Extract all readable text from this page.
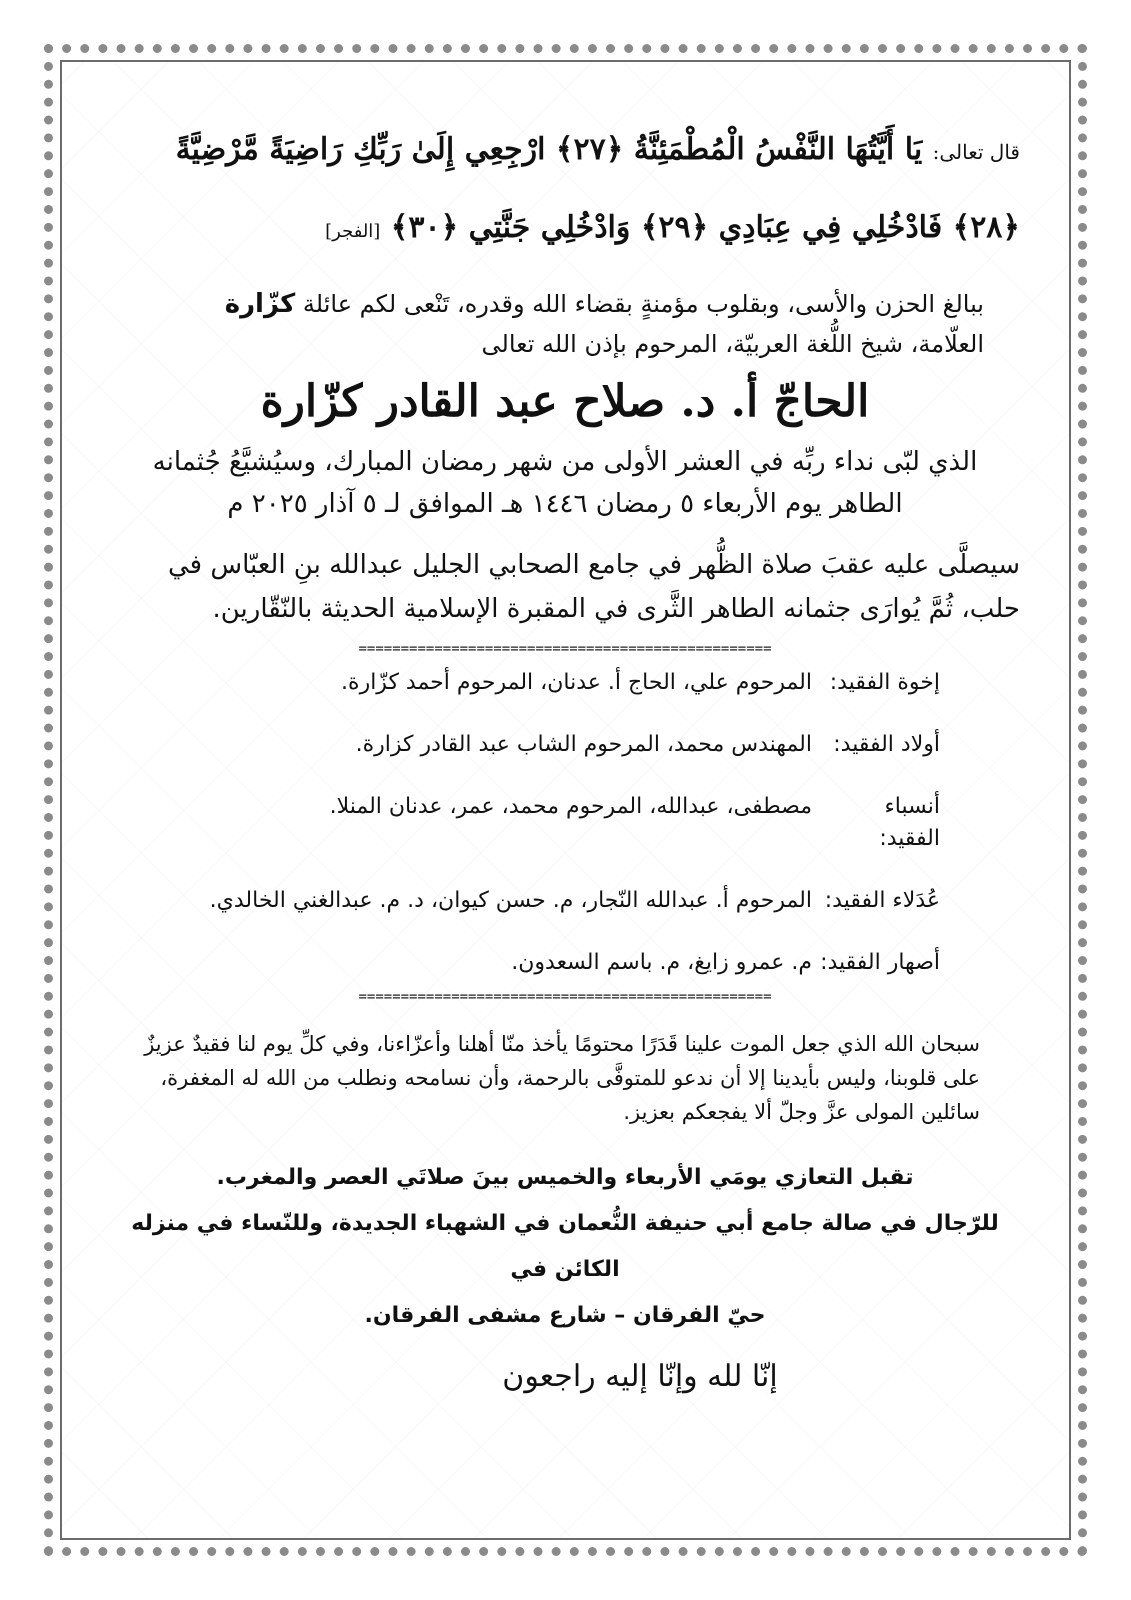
قال تعالى: يَا أَيَّتُهَا النَّفْسُ الْمُطْمَئِنَّةُ ﴿٢٧﴾ ارْجِعِي إِلَىٰ رَبِّكِ رَاضِيَةً مَّرْضِيَّةً ﴿٢٨﴾ فَادْخُلِي فِي عِبَادِي ﴿٢٩﴾ وَادْخُلِي جَنَّتِي ﴿٣٠﴾ [الفجر]
ببالغ الحزن والأسى، وبقلوب مؤمنةٍ بقضاء الله وقدره، تَنْعى لكم عائلة كزّارة
العلّامة، شيخ اللُّغة العربيّة، المرحوم بإذن الله تعالى
الحاجّ أ. د. صلاح عبد القادر كزّارة
الذي لبّى نداء ربِّه في العشر الأولى من شهر رمضان المبارك، وسيُشيَّعُ جُثمانه
الطاهر يوم الأربعاء ٥ رمضان ١٤٤٦ هـ الموافق لـ ٥ آذار ٢٠٢٥ م
سيصلَّى عليه عقبَ صلاة الظُّهر في جامع الصحابي الجليل عبدالله بنِ العبّاس في حلب، ثُمَّ يُوارَى جثمانه الطاهر الثَّرى في المقبرة الإسلامية الحديثة بالنّقّارين.
=================================================
إخوة الفقيد:
المرحوم علي، الحاج أ. عدنان، المرحوم أحمد كزّارة.
أولاد الفقيد:
المهندس محمد، المرحوم الشاب عبد القادر كزارة.
أنسباء الفقيد:
مصطفى، عبدالله، المرحوم محمد، عمر، عدنان المنلا.
عُدَلاء الفقيد:
المرحوم أ. عبدالله النّجار، م. حسن كيوان، د. م. عبدالغني الخالدي.
أصهار الفقيد:
م. عمرو زايغ، م. باسم السعدون.
=================================================
سبحان الله الذي جعل الموت علينا قَدَرًا محتومًا يأخذ منّا أهلنا وأعزّاءنا، وفي كلِّ يوم لنا فقيدٌ عزيزٌ على قلوبنا، وليس بأيدينا إلا أن ندعو للمتوفَّى بالرحمة، وأن نسامحه ونطلب من الله له المغفرة، سائلين المولى عزَّ وجلّ ألا يفجعكم بعزيز.

تقبل التعازي يومَي الأربعاء والخميس بينَ صلاتَي العصر والمغرب.

للرّجال في صالة جامع أبي حنيفة النُّعمان في الشهباء الجديدة، وللنّساء في منزله الكائن في

حيّ الفرقان – شارع مشفى الفرقان.

إنّا لله وإنّا إليه راجعون
